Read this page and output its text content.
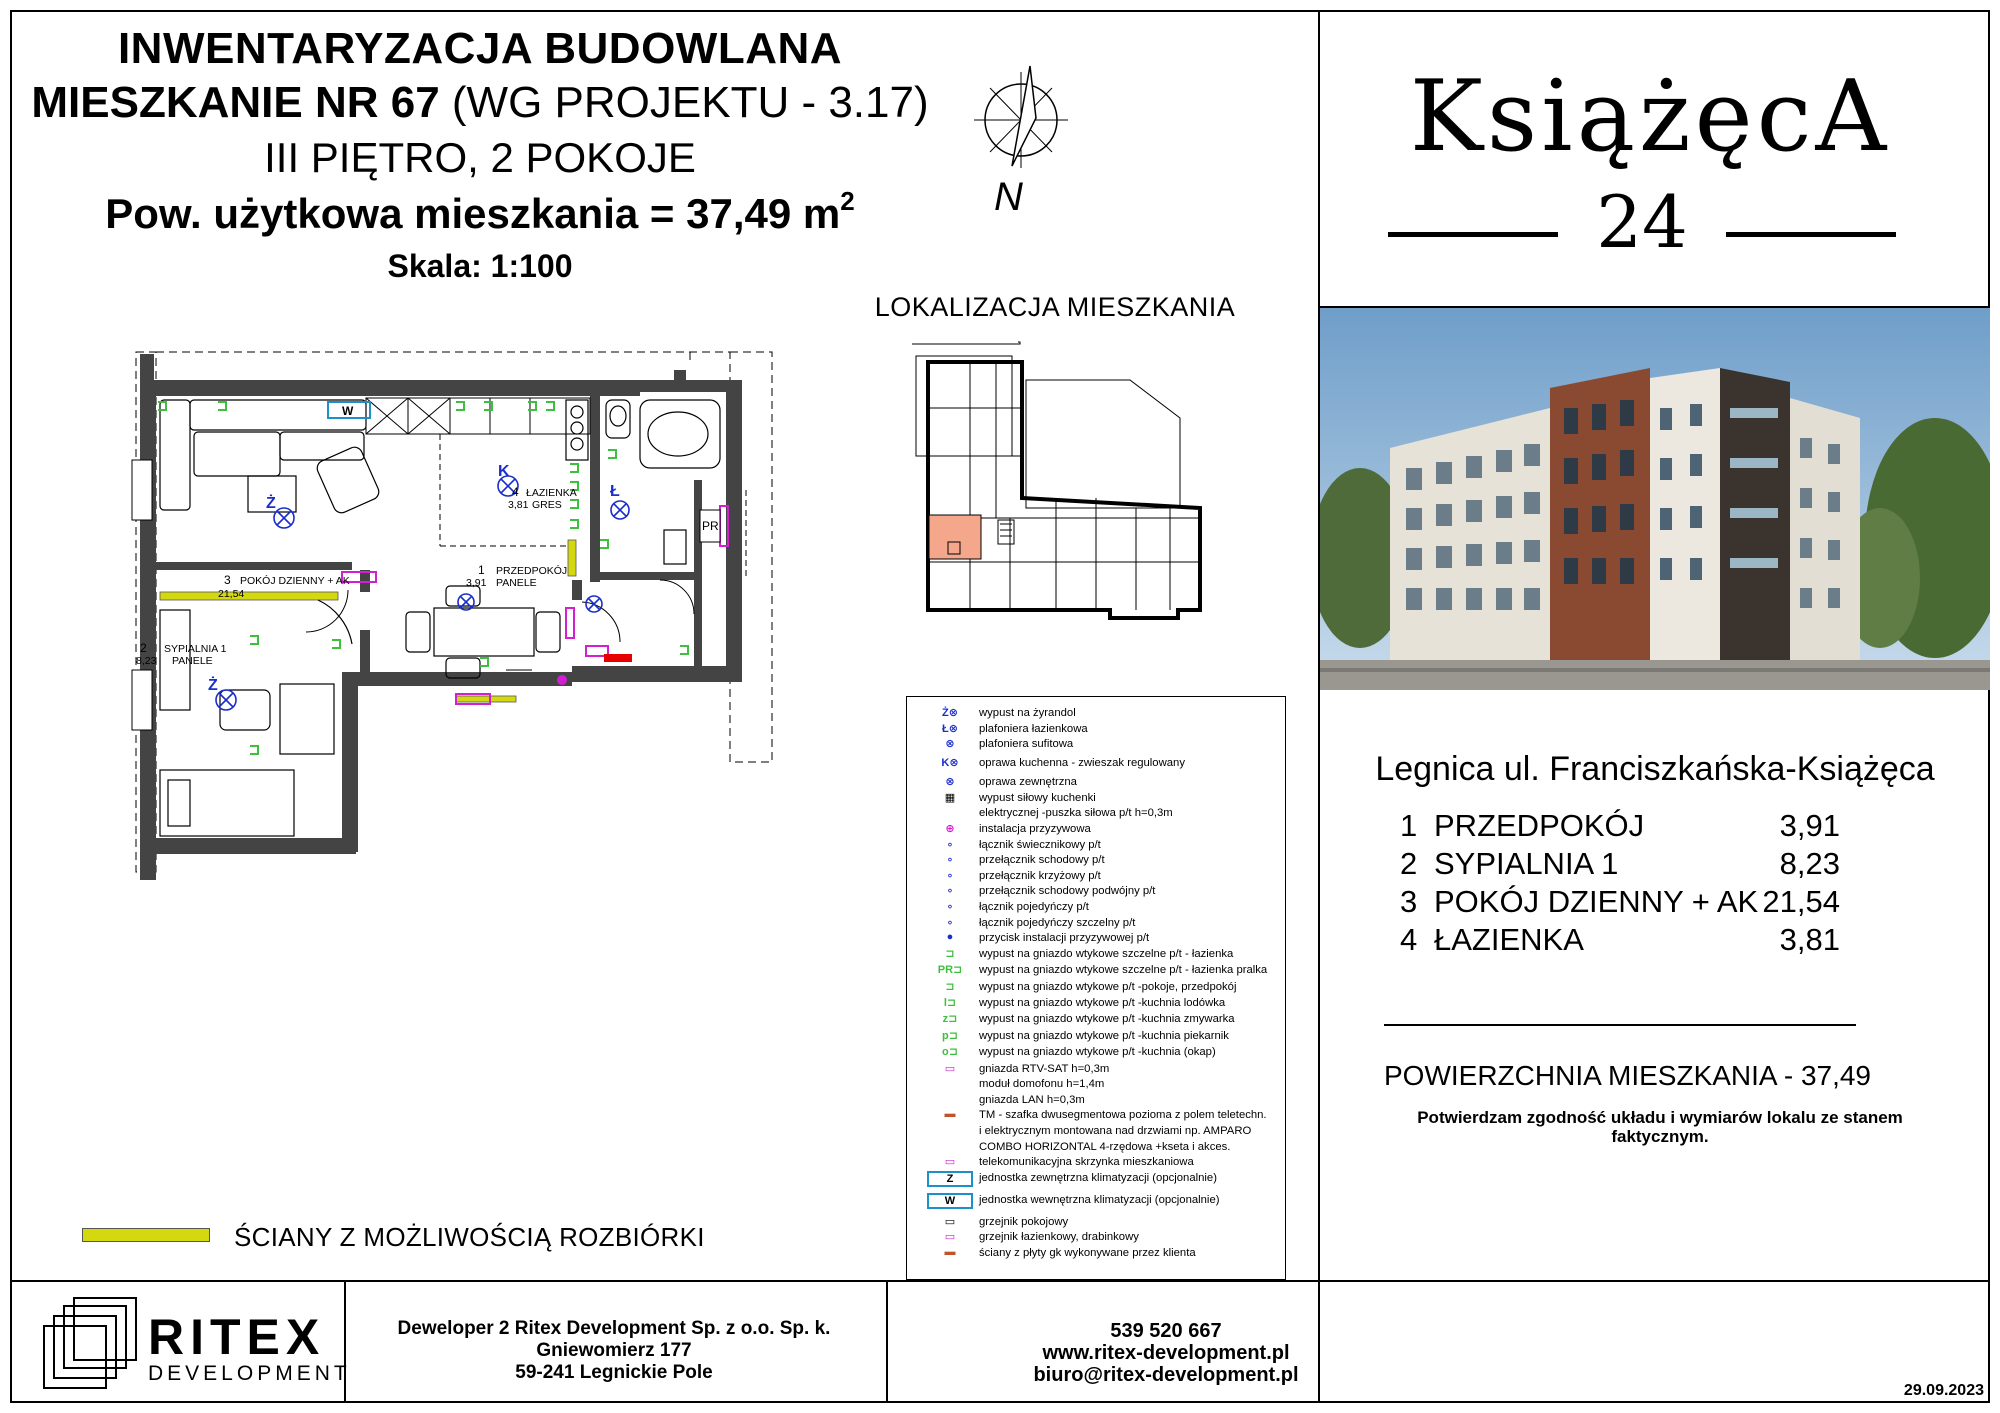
INWENTARYZACJA BUDOWLANA
MIESZKANIE NR 67 (WG PROJEKTU - 3.17)
III PIĘTRO, 2 POKOJE
Pow. użytkowa mieszkania = 37,49 $m^2$
Skala: 1:100
N
LOKALIZACJA MIESZKANIA
W
PR
Ż
K
Ż
Ł
3 POKÓJ DZIENNY + AK
21,54
2 SYPIALNIA 1
8,23 PANELE
1 PRZEDPOKÓJ
3,91 PANELE
4 ŁAZIENKA
3,81 GRES
Ż⊗	wypust na żyrandol
Ł⊗	plafoniera łazienkowa
⊗	plafoniera sufitowa
K⊗	oprawa kuchenna - zwieszak regulowany
⊗	oprawa zewnętrzna
▦	wypust siłowy kuchenki
elektrycznej -puszka siłowa p/t h=0,3m
⊕	instalacja przyzywowa
∘	łącznik świecznikowy p/t
∘	przełącznik schodowy p/t
∘	przełącznik krzyżowy p/t
∘	przełącznik schodowy podwójny p/t
∘	łącznik pojedyńczy p/t
∘	łącznik pojedyńczy szczelny p/t
●	przycisk instalacji przyzywowej p/t
⊐	wypust na gniazdo wtykowe szczelne p/t - łazienka
PR⊐	wypust na gniazdo wtykowe szczelne p/t - łazienka pralka
⊐	wypust na gniazdo wtykowe p/t -pokoje, przedpokój
l⊐	wypust na gniazdo wtykowe p/t -kuchnia lodówka
z⊐	wypust na gniazdo wtykowe p/t -kuchnia zmywarka
p⊐	wypust na gniazdo wtykowe p/t -kuchnia piekarnik
o⊐	wypust na gniazdo wtykowe p/t -kuchnia (okap)
▭	gniazda RTV-SAT h=0,3m
moduł domofonu h=1,4m
gniazda LAN h=0,3m
▬	TM - szafka dwusegmentowa pozioma z polem teletechn.
i elektrycznym montowana nad drzwiami np. AMPARO
COMBO HORIZONTAL 4-rzędowa +kseta i akces.
▭	telekomunikacyjna skrzynka mieszkaniowa
Z	jednostka zewnętrzna klimatyzacji (opcjonalnie)
W	jednostka wewnętrzna klimatyzacji (opcjonalnie)
▭	grzejnik pokojowy
▭	grzejnik łazienkowy, drabinkowy
▬	ściany z płyty gk wykonywane przez klienta
ŚCIANY Z MOŻLIWOŚCIĄ ROZBIÓRKI
KsiążęcA
24
Legnica ul. Franciszkańska-Książęca
1 PRZEDPOKÓJ	3,91
2 SYPIALNIA 1	8,23
3 POKÓJ DZIENNY + AK 21,54
4 ŁAZIENKA	3,81
POWIERZCHNIA MIESZKANIA - 37,49
Potwierdzam zgodność układu i wymiarów lokalu ze stanem faktycznym.
RITEX
DEVELOPMENT
Deweloper 2 Ritex Development Sp. z o.o. Sp. k.
Gniewomierz 177
59-241 Legnickie Pole
539 520 667
www.ritex-development.pl
biuro@ritex-development.pl
29.09.2023
